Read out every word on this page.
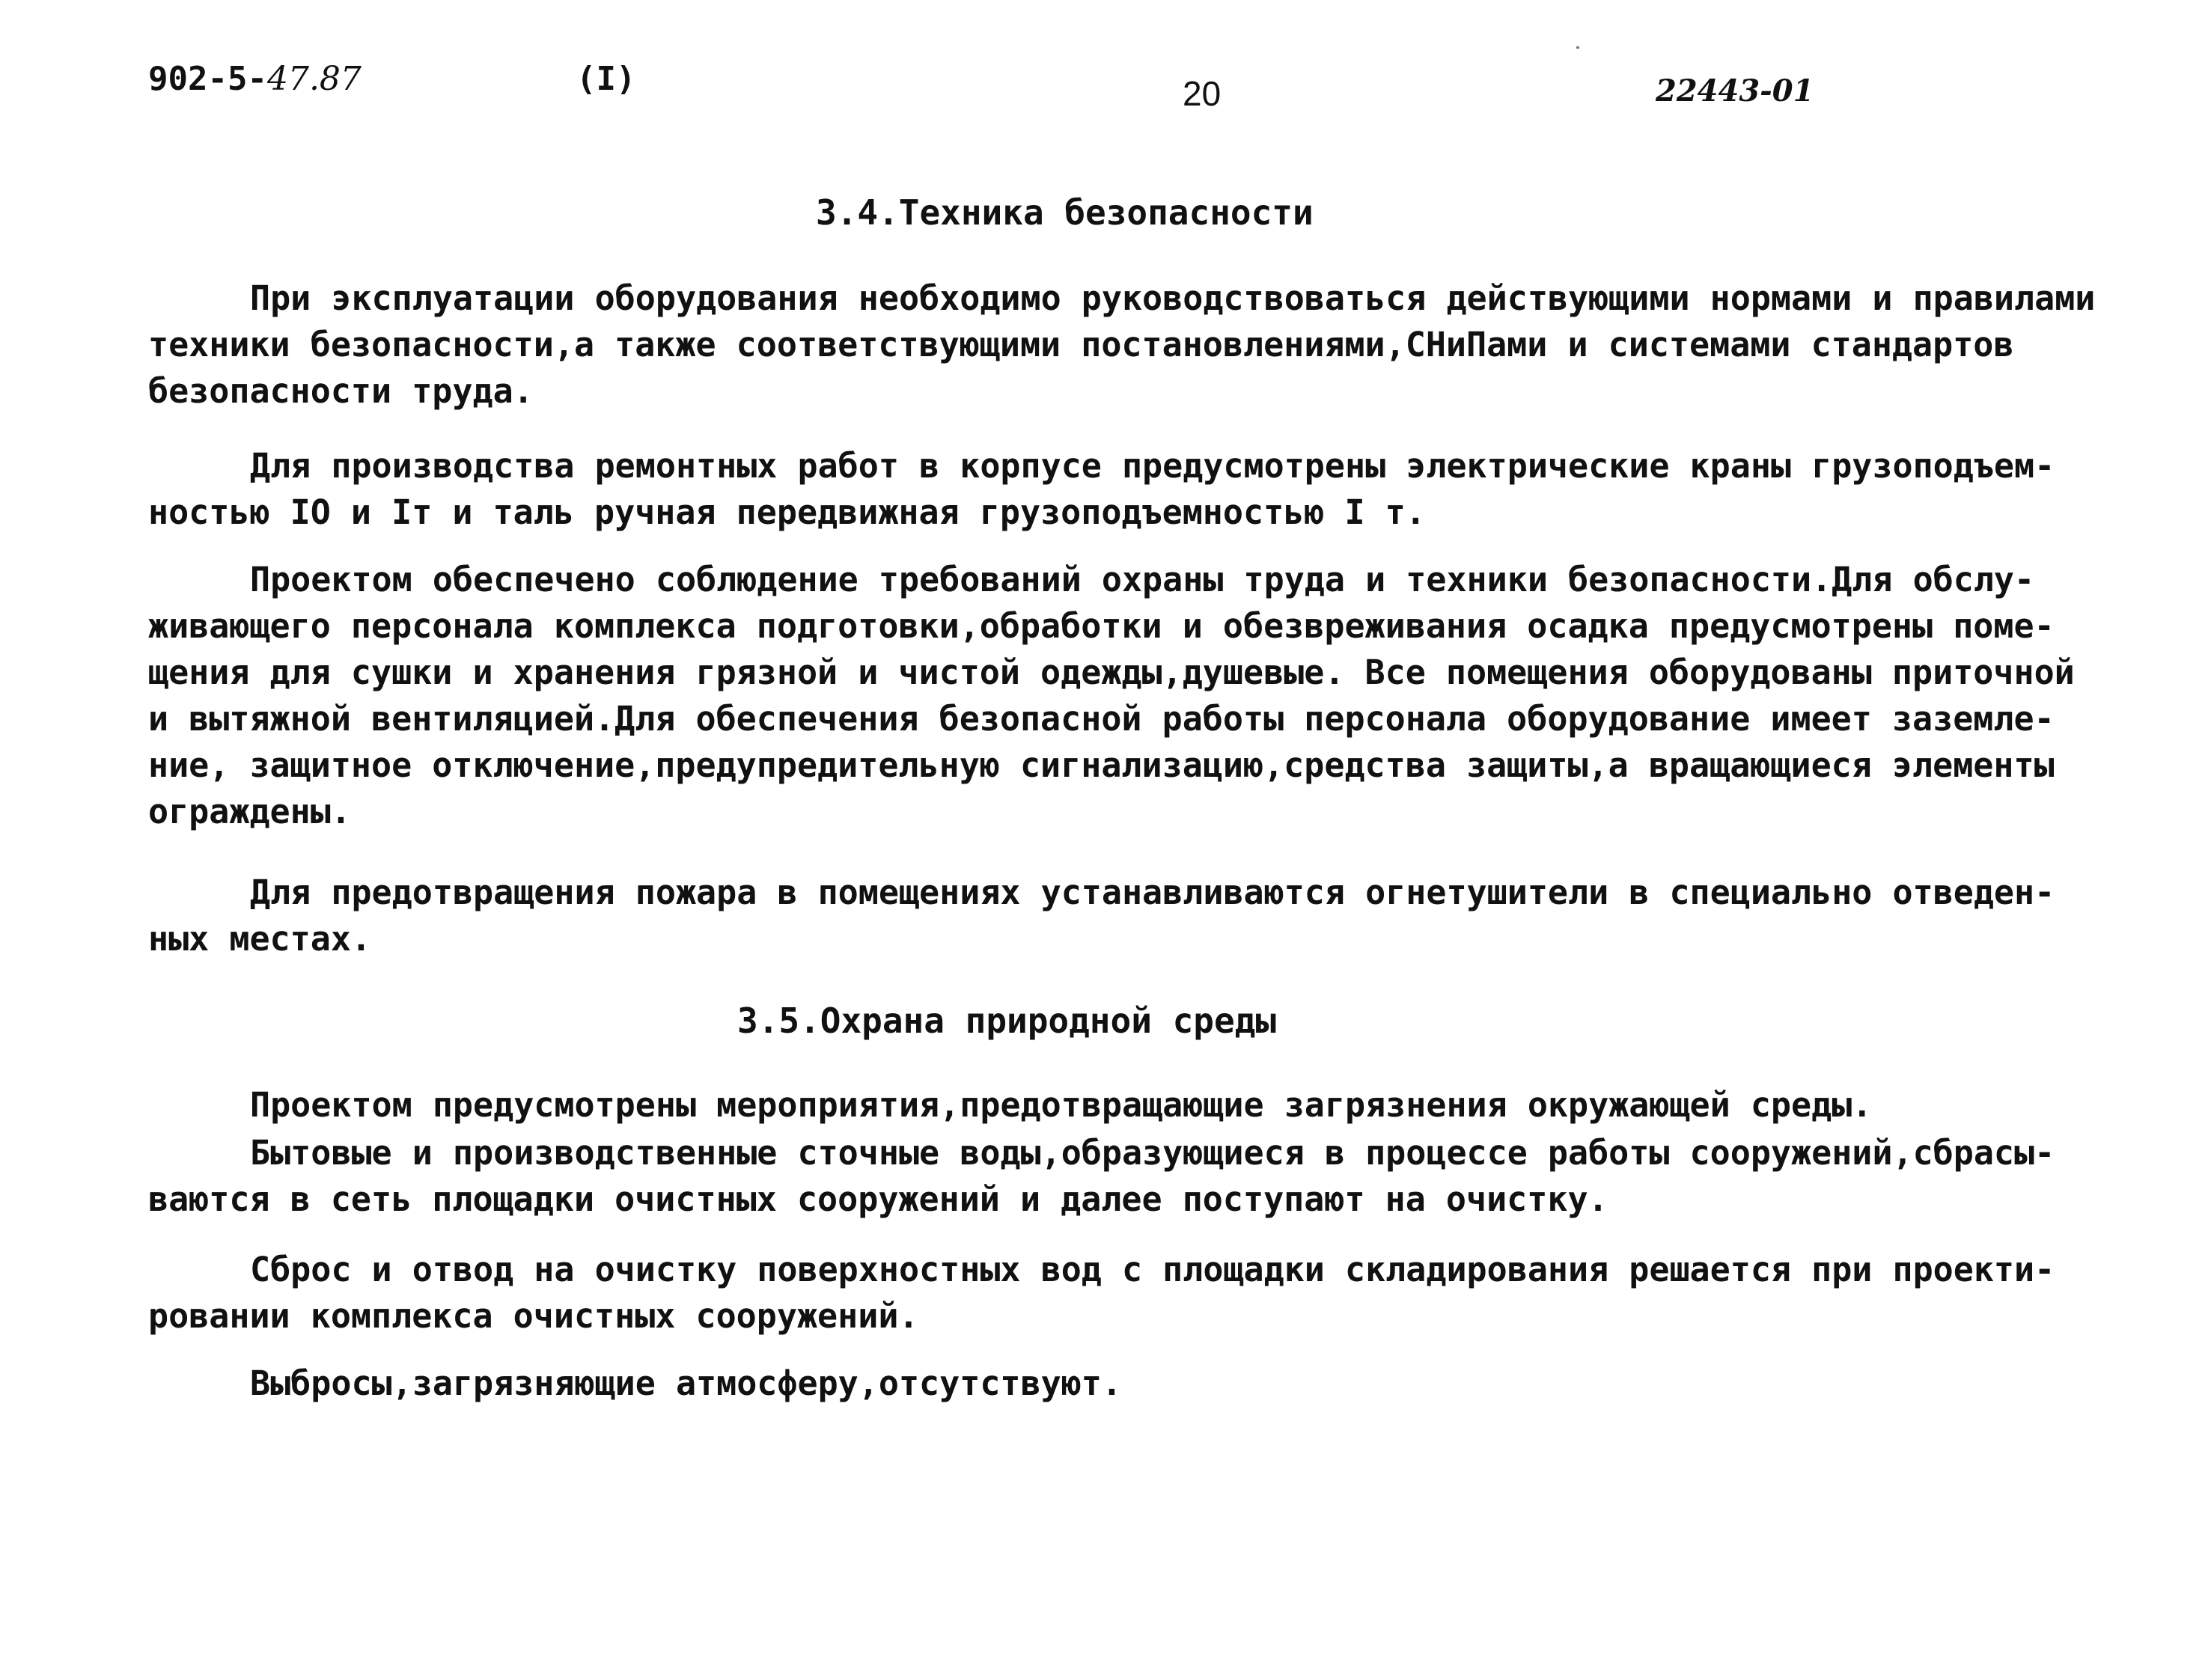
902-5-47.87	(I)	20	22443-01
3.4.Техника безопасности
При эксплуатации оборудования необходимо руководствоваться действующими нормами и правилами
техники безопасности,а также соответствующими постановлениями,СНиПами и системами стандартов
безопасности труда.
Для производства ремонтных работ в корпусе предусмотрены электрические краны грузоподъем-
ностью IO и Iт и таль ручная передвижная грузоподъемностью I т.
Проектом обеспечено соблюдение требований охраны труда и техники безопасности.Для обслу-
живающего персонала комплекса подготовки,обработки и обезвреживания осадка предусмотрены поме-
щения для сушки и хранения грязной и чистой одежды,душевые. Все помещения оборудованы приточной
и вытяжной вентиляцией.Для обеспечения безопасной работы персонала оборудование имеет заземле-
ние, защитное отключение,предупредительную сигнализацию,средства защиты,а вращающиеся элементы
ограждены.
Для предотвращения пожара в помещениях устанавливаются огнетушители в специально отведен-
ных местах.
3.5.Охрана природной среды
Проектом предусмотрены мероприятия,предотвращающие загрязнения окружающей среды.
Бытовые и производственные сточные воды,образующиеся в процессе работы сооружений,сбрасы-
ваются в сеть площадки очистных сооружений и далее поступают на очистку.
Сброс и отвод на очистку поверхностных вод с площадки складирования решается при проекти-
ровании комплекса очистных сооружений.
Выбросы,загрязняющие атмосферу,отсутствуют.
